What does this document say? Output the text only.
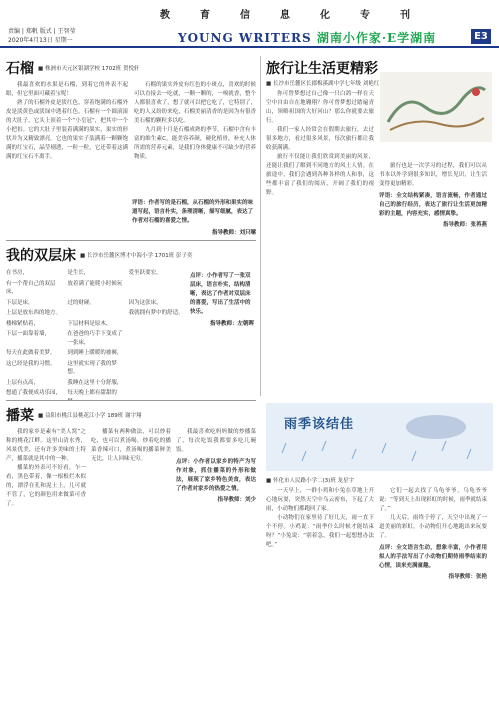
教	育	信	息	化	专	刊
责编 | 郑帆 版式 | 王智莹
2020年4月13日 星期一	YOUNG WRITERS 湖南小作家·E学湖南	E3
石榴 ■ 株洲市天元区银湖学校 1702班 贺悦轩

我最喜欢的水果是石榴，到着它的外表不起眼，但它里面可藏着宝呢！

熟了的石榴外皮是淡红色，穿着饱满的石榴外皮是淡黄色或淡绿中透着红色。石榴有一个圆滚滚的大肚子，它头上顶着一个“小皇冠”，把其中一个小把扣。它的大肚子里装着满满的果实，果实的形状并为又精致漂亮。它也的果实子装满着一颗颗饱满的红宝石，晶莹剔透，一粒一粒，它还带着这满满的红宝石不离手。

石榴的果实外皮有红色的小斑点，喜欢的时候可以直接去一吃就，一颗一颗的，一嗅就香，整个人都很喜欢了，想了就可以把它吃了，它特别了，吃的人又纷纷来吃，石榴美丽清香的是因为有很香美石榴的颗粒多以吃。

九月到十月是石榴成熟的季节，石榴中含有丰富的维生素C，能美容养颜，硬化植骨，补充人体所需的营养元素，是我们身体健康不可缺少的营养物质。

评语：作者写的是石榴，从石榴的外形和果实的味道写起，语言朴实，条理清晰，描写细腻，表达了作者对石榴的喜爱之情。
指导教师：刘只嗦
旅行让生活更精彩
■ 长沙市岳麓区长郡梅溪湖中学七年级 刘艳红

你可曾梦想过自己像一只白鸽一样在天空中自由自在地翱翔？你可曾梦想过踏遍青山，领略祖国的大好河山？那么你就要去旅行。

我们一家人经常会在假期去旅行，去过很多地方，看过很多风景，每次旅行都让我收获满满。

旅行不仅能让我们欣赏到美丽的风景，还能让我们了解到不同地方的风土人情。在旅途中，我们会遇到各种各样的人和事，这些都丰富了我们的阅历，开阔了我们的视野。

旅行也是一次学习的过程，我们可以从书本以外学到很多知识，增长见识，让生活变得更加精彩。

评语：全文结构紧凑，语言流畅，作者通过自己的旅行经历，表达了旅行让生活更加精彩的主题，内容充实，感情真挚。
指导教师：张苒燕
我的双层床 ■ 长沙市岳麓区博才中海小学 1701班 彭子奕
在书房，	是生长，	爱坐跃要宏。
有一个帮自己的双层床，
放着满了能爬小时候玩
下层是床，	过的财碰。	因为这张床，
上层是放东西的地方。	我就拥有梦中的舒适。
楼梯紧贴着，	下层材料是原木，
下层一面靠着墙，	在爸爸的巧手下变成了一张床，
每天在此做着美梦，	到到睡上暖暖的被褥，
这已经是我的习惯。	这里就实现了我的梦想。
上层有点高，	我睡在这里十分舒服，
想通了我便成功乐园， 每天晚上都有甜甜的
点评：小作者写了一张双层床，语言朴实，结构清晰，表达了作者对双层床的喜爱，写出了生活中的快乐。
指导教师：左朝晖
播菜 ■ 益阳市桃江县桃花江小学 189班 谢宇翔

我的家乡是素有“美人窝”之称的桃花江畔。这里山清水秀，风景优美，还有许多美味的土特产，播菜就是其中的一种。

播菜的外表可不好看，乍一看，黑色带着，像一根根烂木似的，漂浮在孔和泥土上，儿可就不管了，它的颜色用来做菜可香了。

播菜有两种做法，可以炒着吃，也可以煮汤喝。炒着吃的播菜香辣可口，煮汤喝的播菜鲜美无比，让人回味无穷。

我最喜欢吃妈妈做的炒播菜了，每次吃饭我都要多吃几碗饭。

点评：小作者以家乡的特产为写作对象，抓住播菜的外形和做法，展现了家乡特色美食，表达了作者对家乡的热爱之情。
指导教师：刘少
雨季该结佳
■ 怀化市人民路小学二(3)班 龙星宇

一天早上，一群小鸡和小兔在草地上开心地玩耍，突然天空中乌云密布，下起了大雨，小动物们都跑回了家。

小动物们在家里待了好几天，雨一直下个不停。小鸡说：“雨季什么时候才能结束呀？”小兔说：“别着急，我们一起想想办法吧。”

它们一起去找了乌龟爷爷，乌龟爷爷说：“等到天上出现彩虹的时候，雨季就结束了。”

几天后，雨终于停了，天空中出现了一道美丽的彩虹，小动物们开心地跑出来玩耍了。

点评：全文语言生动，想象丰富，小作者用拟人的手法写出了小动物们期待雨季结束的心情，读来充满童趣。
指导教师：张艳
